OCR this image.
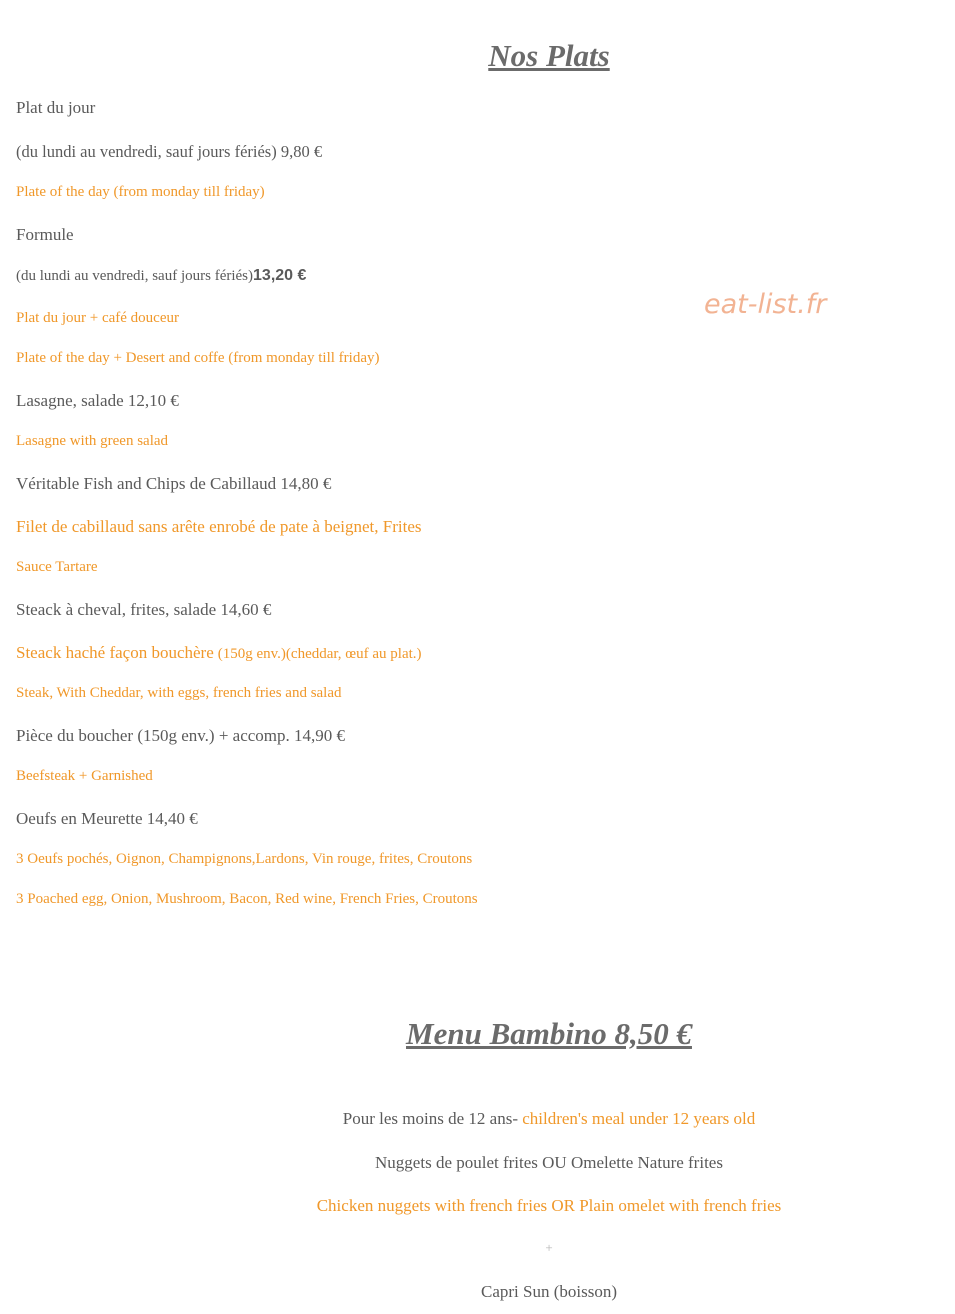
Nos Plats
Plat du jour
(du lundi au vendredi, sauf jours fériés) 9,80 €
Plate of the day (from monday till friday)
Formule
(du lundi au vendredi, sauf jours fériés)13,20 €
Plat du jour + café douceur
Plate of the day + Desert and coffe (from monday till friday)
eat-list.fr
Lasagne, salade 12,10 €
Lasagne with green salad
Véritable Fish and Chips de Cabillaud 14,80 €
Filet de cabillaud sans arête enrobé de pate à beignet, Frites
Sauce Tartare
Steack à cheval, frites, salade 14,60 €
Steack haché façon bouchère (150g env.)(cheddar, œuf au plat.)
Steak, With Cheddar, with eggs, french fries and salad
Pièce du boucher (150g env.) + accomp. 14,90 €
Beefsteak + Garnished
Oeufs en Meurette 14,40 €
3 Oeufs pochés, Oignon, Champignons,Lardons, Vin rouge, frites, Croutons
3 Poached egg, Onion, Mushroom, Bacon, Red wine, French Fries, Croutons
Menu Bambino 8,50 €
Pour les moins de 12 ans- children's meal under 12 years old
Nuggets de poulet frites OU Omelette Nature frites
Chicken nuggets with french fries OR Plain omelet with french fries
+
Capri Sun (boisson)
